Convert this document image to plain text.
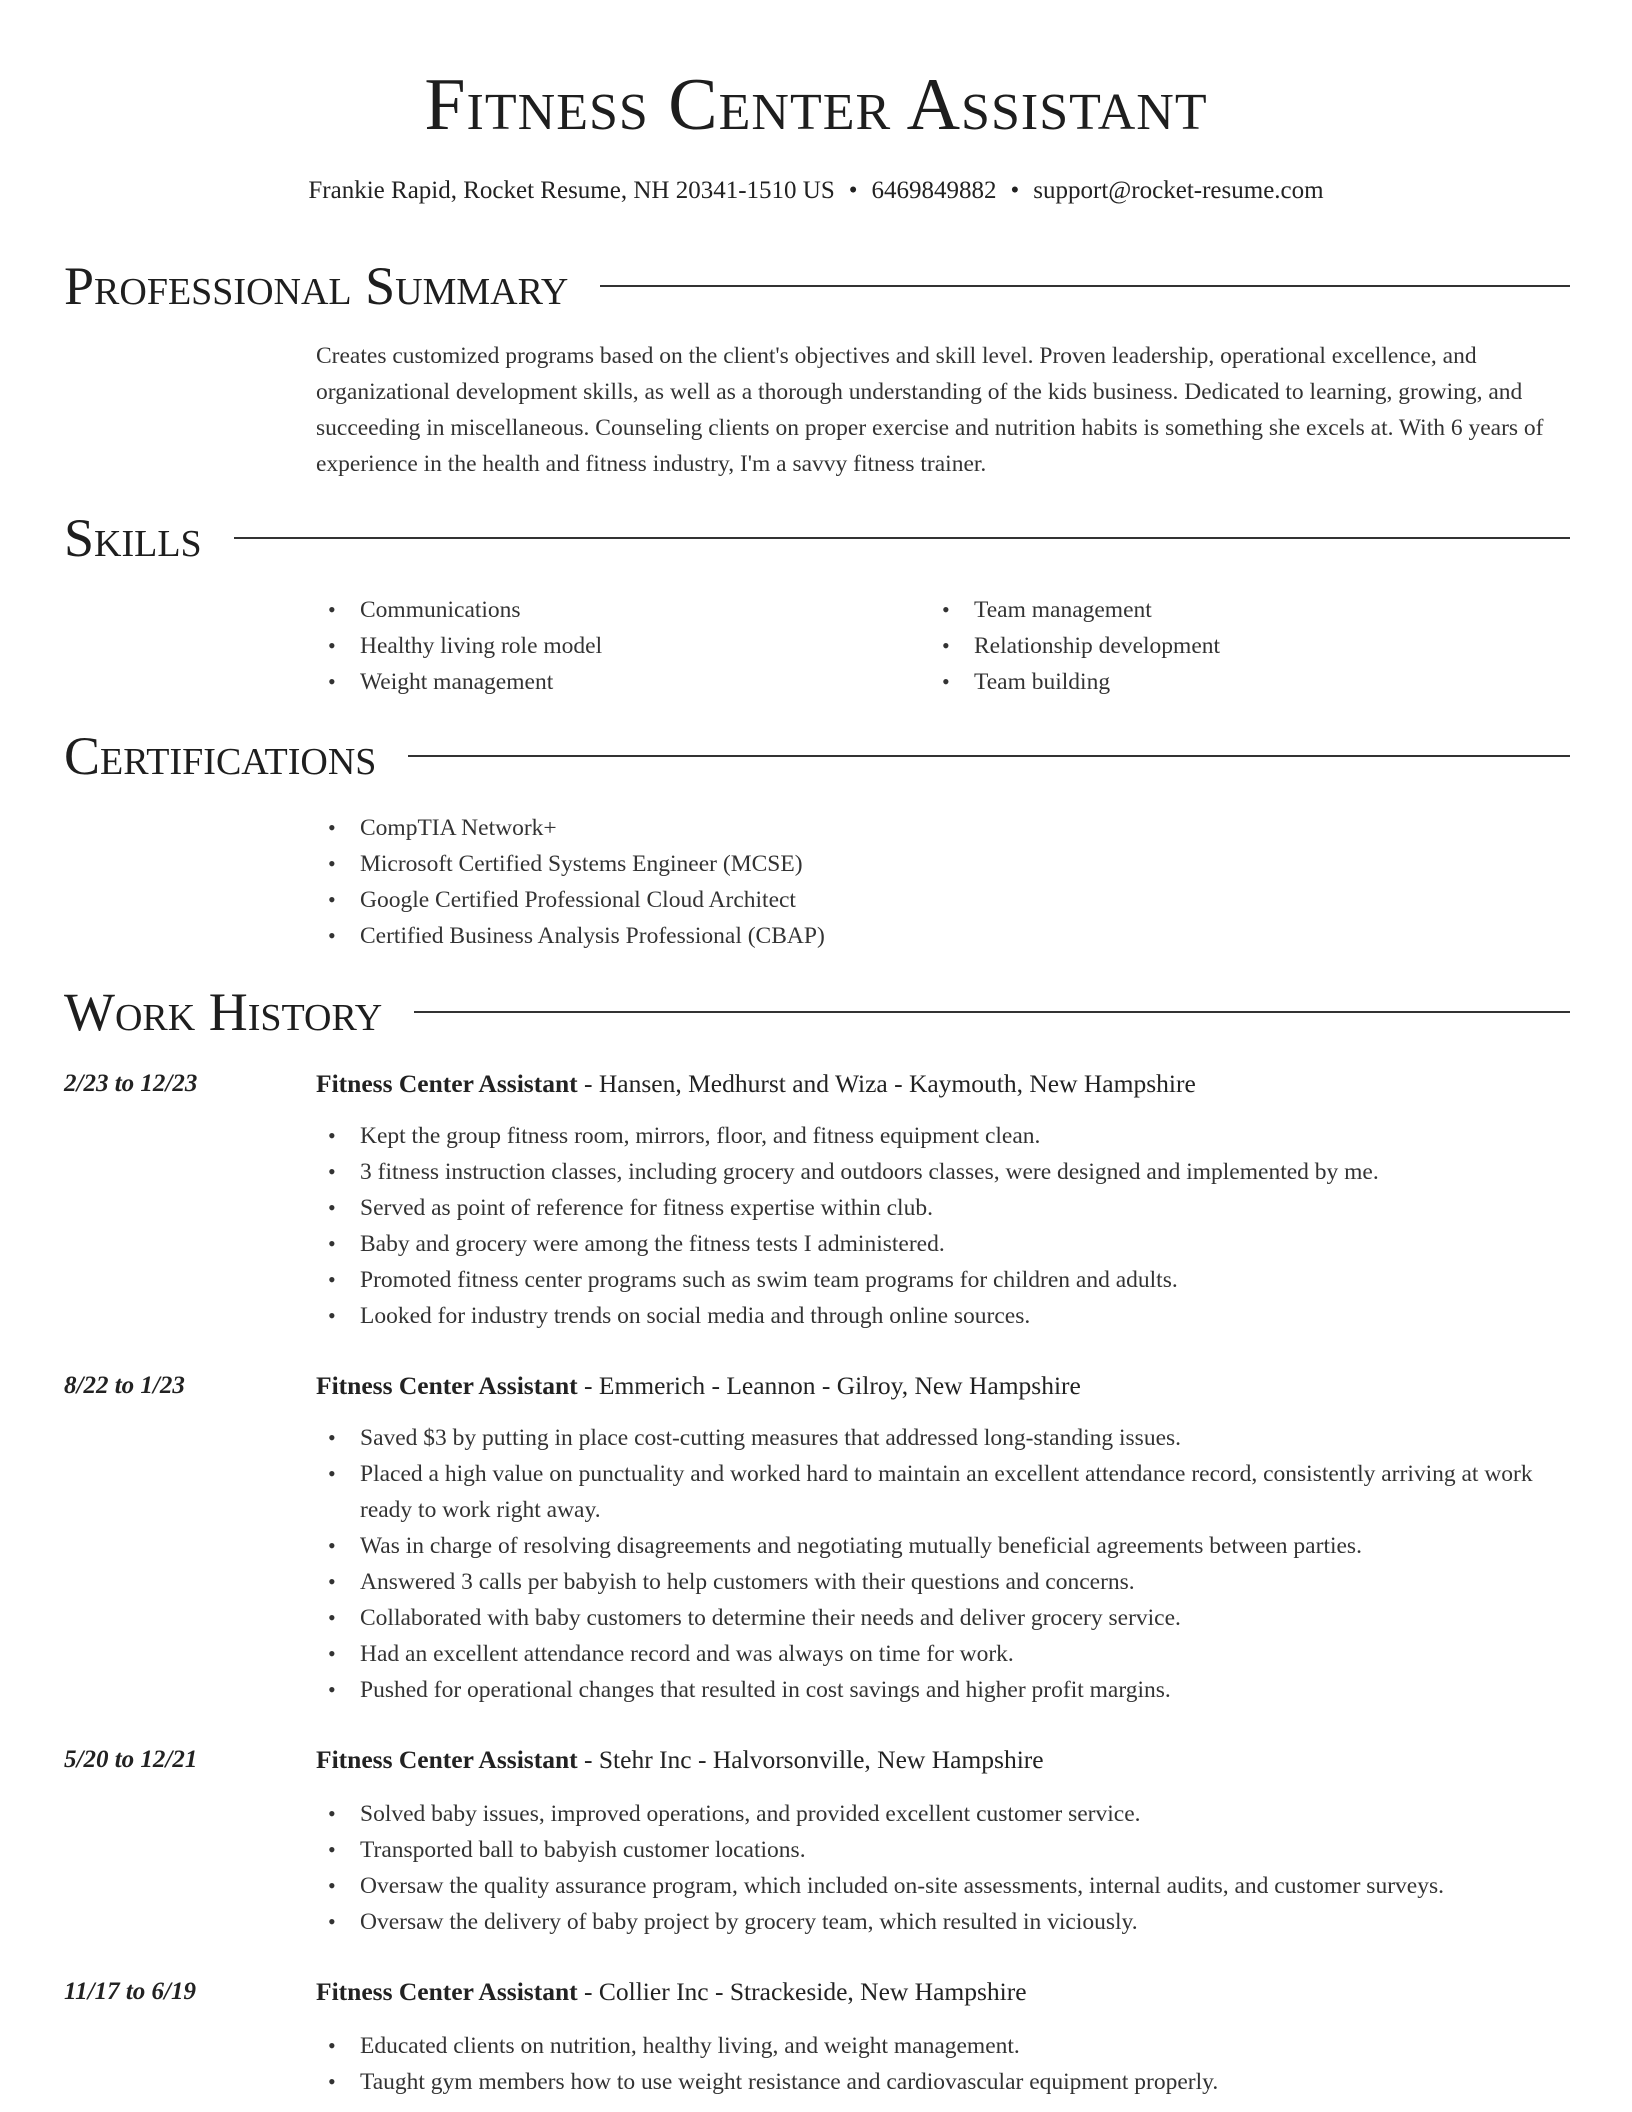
Fitness Center Assistant
Frankie Rapid, Rocket Resume, NH 20341-1510 US • 6469849882 • support@rocket-resume.com
Professional Summary

Creates customized programs based on the client's objectives and skill level. Proven leadership, operational excellence, and organizational development skills, as well as a thorough understanding of the kids business. Dedicated to learning, growing, and succeeding in miscellaneous. Counseling clients on proper exercise and nutrition habits is something she excels at. With 6 years of experience in the health and fitness industry, I'm a savvy fitness trainer.

Skills
• Communications
• Healthy living role model
• Weight management
• Team management
• Relationship development
• Team building
Certifications
• CompTIA Network+
• Microsoft Certified Systems Engineer (MCSE)
• Google Certified Professional Cloud Architect
• Certified Business Analysis Professional (CBAP)
Work History
2/23 to 12/23	Fitness Center Assistant - Hansen, Medhurst and Wiza - Kaymouth, New Hampshire
• Kept the group fitness room, mirrors, floor, and fitness equipment clean.
• 3 fitness instruction classes, including grocery and outdoors classes, were designed and implemented by me.
• Served as point of reference for fitness expertise within club.
• Baby and grocery were among the fitness tests I administered.
• Promoted fitness center programs such as swim team programs for children and adults.
• Looked for industry trends on social media and through online sources.
8/22 to 1/23	Fitness Center Assistant - Emmerich - Leannon - Gilroy, New Hampshire
• Saved $3 by putting in place cost-cutting measures that addressed long-standing issues.
• Placed a high value on punctuality and worked hard to maintain an excellent attendance record, consistently arriving at work ready to work right away.
• Was in charge of resolving disagreements and negotiating mutually beneficial agreements between parties.
• Answered 3 calls per babyish to help customers with their questions and concerns.
• Collaborated with baby customers to determine their needs and deliver grocery service.
• Had an excellent attendance record and was always on time for work.
• Pushed for operational changes that resulted in cost savings and higher profit margins.
5/20 to 12/21	Fitness Center Assistant - Stehr Inc - Halvorsonville, New Hampshire
• Solved baby issues, improved operations, and provided excellent customer service.
• Transported ball to babyish customer locations.
• Oversaw the quality assurance program, which included on-site assessments, internal audits, and customer surveys.
• Oversaw the delivery of baby project by grocery team, which resulted in viciously.
11/17 to 6/19	Fitness Center Assistant - Collier Inc - Strackeside, New Hampshire
• Educated clients on nutrition, healthy living, and weight management.
• Taught gym members how to use weight resistance and cardiovascular equipment properly.
